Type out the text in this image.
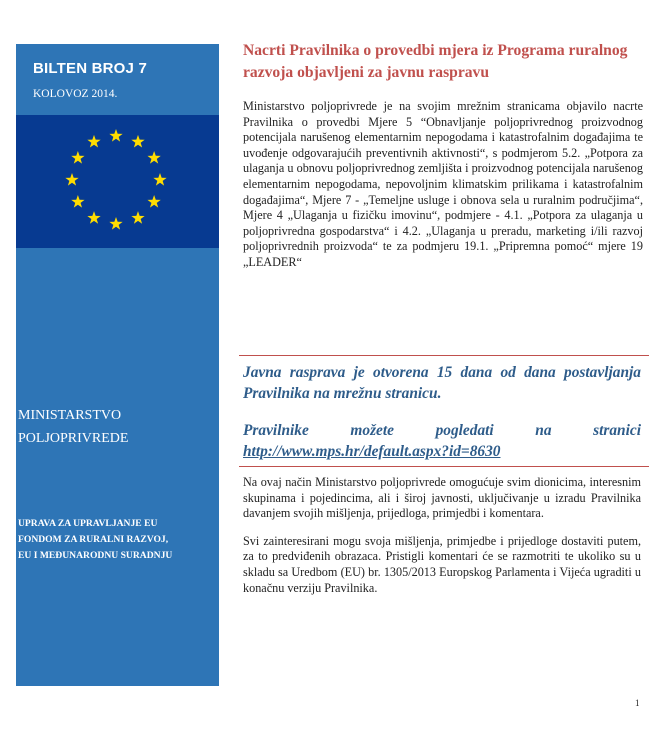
BILTEN BROJ 7
KOLOVOZ 2014.
MINISTARSTVO
POLJOPRIVREDE
UPRAVA ZA UPRAVLJANJE EU
FONDOM ZA RURALNI RAZVOJ,
EU I MEĐUNARODNU SURADNJU
Nacrti Pravilnika o provedbi mjera iz Programa ruralnog razvoja objavljeni za javnu raspravu

Ministarstvo poljoprivrede je na svojim mrežnim stranicama objavilo nacrte Pravilnika o provedbi Mjere 5 “Obnavljanje poljoprivrednog proizvodnog potencijala narušenog elementarnim nepogodama i katastrofalnim događajima te uvođenje odgovarajućih preventivnih aktivnosti“, s podmjerom 5.2. „Potpora za ulaganja u obnovu poljoprivrednog zemljišta i proizvodnog potencijala narušenog elementarnim nepogodama, nepovoljnim klimatskim prilikama i katastrofalnim događajima“, Mjere 7 - „Temeljne usluge i obnova sela u ruralnim područjima“, Mjere 4 „Ulaganja u fizičku imovinu“, podmjere - 4.1. „Potpora za ulaganja u poljoprivredna gospodarstva“ i 4.2. „Ulaganja u preradu, marketing i/ili razvoj poljoprivrednih proizvoda“ te za podmjeru 19.1. „Pripremna pomoć“ mjere 19 „LEADER“

Javna rasprava je otvorena 15 dana od dana postavljanja Pravilnika na mrežnu stranicu.

Pravilnike možete pogledati na stranici http://www.mps.hr/default.aspx?id=8630

Na ovaj način Ministarstvo poljoprivrede omogućuje svim dionicima, interesnim skupinama i pojedincima, ali i široj javnosti, uključivanje u izradu Pravilnika davanjem svojih mišljenja, prijedloga, primjedbi i komentara.

Svi zainteresirani mogu svoja mišljenja, primjedbe i prijedloge dostaviti putem, za to predviđenih obrazaca. Pristigli komentari će se razmotriti te ukoliko su u skladu sa Uredbom (EU) br. 1305/2013 Europskog Parlamenta i Vijeća ugraditi u konačnu verziju Pravilnika.

1
